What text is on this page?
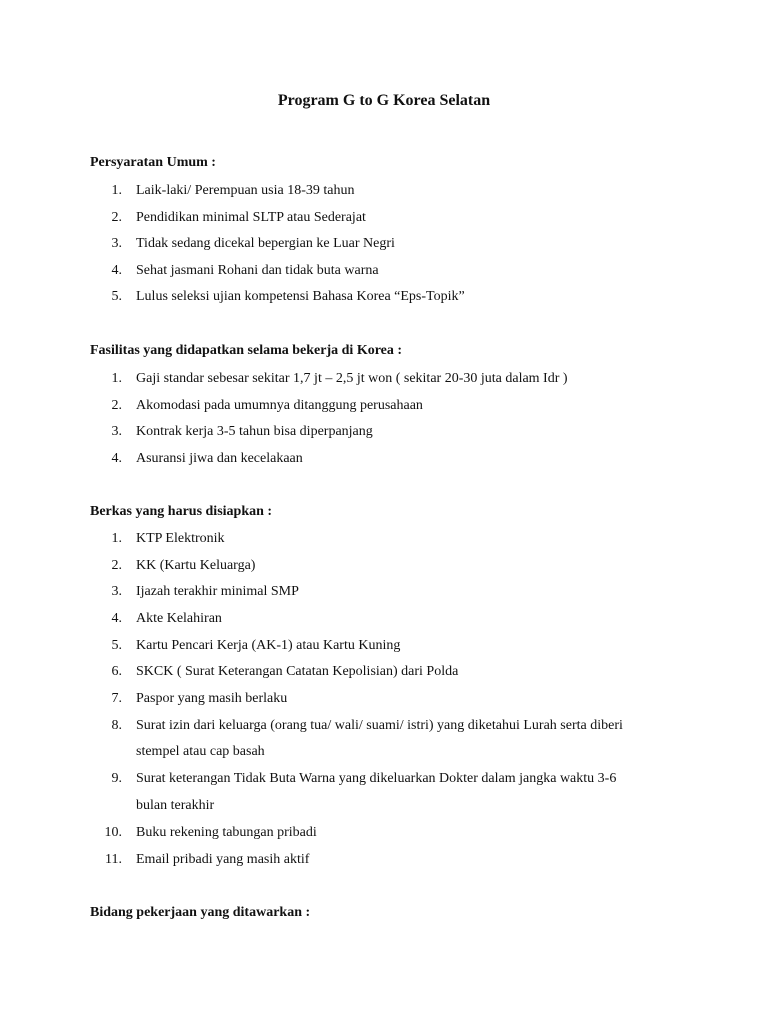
Program G to G Korea Selatan
Persyaratan Umum :
1. Laik-laki/ Perempuan usia 18-39 tahun
2. Pendidikan minimal SLTP atau Sederajat
3. Tidak sedang dicekal bepergian ke Luar Negri
4. Sehat jasmani Rohani dan tidak buta warna
5. Lulus seleksi ujian kompetensi Bahasa Korea “Eps-Topik”
Fasilitas yang didapatkan selama bekerja di Korea :
1. Gaji standar sebesar sekitar 1,7 jt – 2,5 jt won ( sekitar 20-30 juta dalam Idr )
2. Akomodasi pada umumnya ditanggung perusahaan
3. Kontrak kerja 3-5 tahun bisa diperpanjang
4. Asuransi jiwa dan kecelakaan
Berkas yang harus disiapkan :
1. KTP Elektronik
2. KK (Kartu Keluarga)
3. Ijazah terakhir minimal SMP
4. Akte Kelahiran
5. Kartu Pencari Kerja (AK-1) atau Kartu Kuning
6. SKCK ( Surat Keterangan Catatan Kepolisian) dari Polda
7. Paspor yang masih berlaku
8. Surat izin dari keluarga (orang tua/ wali/ suami/ istri) yang diketahui Lurah serta diberi
stempel atau cap basah
9. Surat keterangan Tidak Buta Warna yang dikeluarkan Dokter dalam jangka waktu 3-6
bulan terakhir
10. Buku rekening tabungan pribadi
11. Email pribadi yang masih aktif
Bidang pekerjaan yang ditawarkan :
